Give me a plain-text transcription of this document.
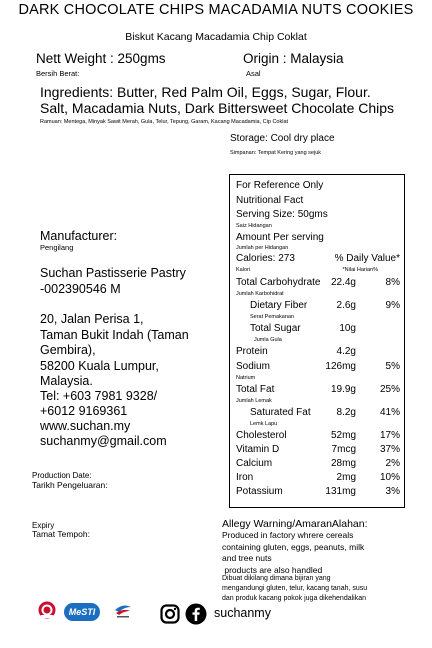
DARK CHOCOLATE CHIPS MACADAMIA NUTS COOKIES
Biskut Kacang Macadamia Chip Coklat
Nett Weight : 250gms
Bersih Berat:
Origin : Malaysia
Asal
Ingredients: Butter, Red Palm Oil, Eggs, Sugar, Flour.
Salt, Macadamia Nuts, Dark Bittersweet Chocolate Chips
Ramuan: Mentega, Minyak Sawit Merah, Gula, Telur, Tepung, Garam, Kacang Macadamia, Cip Coklat
Storage: Cool dry place
Simpanan: Tempat Kering yang sejuk
Manufacturer:
Pengilang
Suchan Pastisserie Pastry
-002390546 M
20, Jalan Perisa 1,
Taman Bukit Indah (Taman
Gembira),
58200 Kuala Lumpur,
Malaysia.
Tel: +603 7981 9328/
+6012 9169361
www.suchan.my
suchanmy@gmail.com
Production Date:
Tarikh Pengeluaran:
Expiry
Tamat Tempoh:
For Reference Only
Nutritional Fact
Serving Size: 50gms
Saiz Hidangan
Amount Per serving
Jumlah per Hidangan
Calories: 273	% Daily Value*
Kalori	*Nilai Harian%
Total Carbohydrate 22.4g	8%
Jumlah Karbohidrat
Dietary Fiber	2.6g	9%
Serat Pemakanan
Total Sugar	10g
Jumla Gula
Protein	4.2g
Sodium	126mg	5%
Natrium
Total Fat	19.9g 25%
Jumlah Lemak
Saturated Fat	8.2g 41%
Lemk Lapu
Cholesterol	52mg 17%
Vitamin D	7mcg 37%
Calcium	28mg	2%
Iron	2mg 10%
Potassium	131mg	3%
Allegy Warning/AmaranAlahan:
Produced in factory whrere cereals
containing gluten, eggs, peanuts, milk
and tree nuts
products are also handled
Dibuat dikilang dimana bijiran yang
mengandungi gluten, telur, kacang tanah, susu
dan produk kacang pokok juga dikehendalikan
MeSTI	suchanmy
